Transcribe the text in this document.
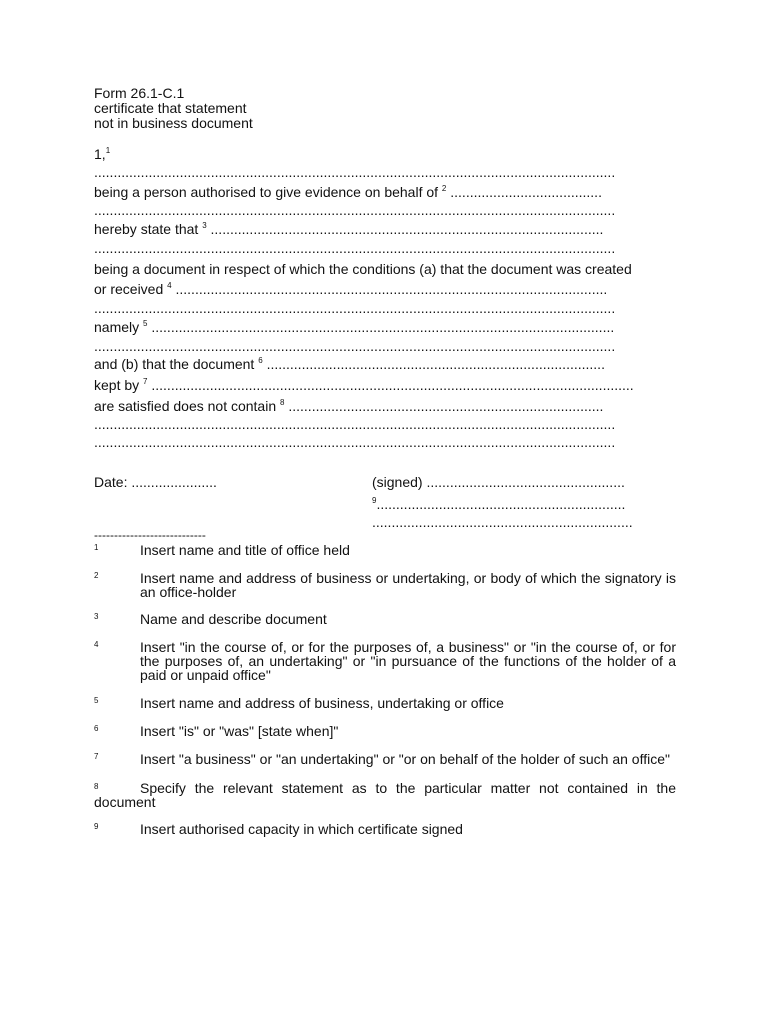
Form 26.1-C.1
certificate that statement
not in business document
1,$^1$
......................................................................................................................................
being a person authorised to give evidence on behalf of $^2$ .......................................
......................................................................................................................................
hereby state that $^3$ .....................................................................................................
......................................................................................................................................
being a document in respect of which the conditions (a) that the document was created
or received $^4$ ...............................................................................................................
......................................................................................................................................
namely $^5$ .......................................................................................................................
......................................................................................................................................
and (b) that the document $^6$ .......................................................................................
kept by $^7$ ............................................................................................................................
are satisfied does not contain $^8$ .................................................................................
......................................................................................................................................
......................................................................................................................................
Date: ......................	(signed) ...................................................
$^9$................................................................
...................................................................
----------------------------
1	Insert name and title of office held
2	Insert name and address of business or undertaking, or body of which the signatory is an office-holder
3	Name and describe document
4	Insert "in the course of, or for the purposes of, a business" or "in the course of, or for the purposes of, an undertaking" or "in pursuance of the functions of the holder of a paid or unpaid office"
5	Insert name and address of business, undertaking or office
6	Insert "is" or "was" [state when]"
7	Insert "a business" or "an undertaking" or "or on behalf of the holder of such an office"
8	Specify the relevant statement as to the particular matter not contained in the document
9	Insert authorised capacity in which certificate signed
